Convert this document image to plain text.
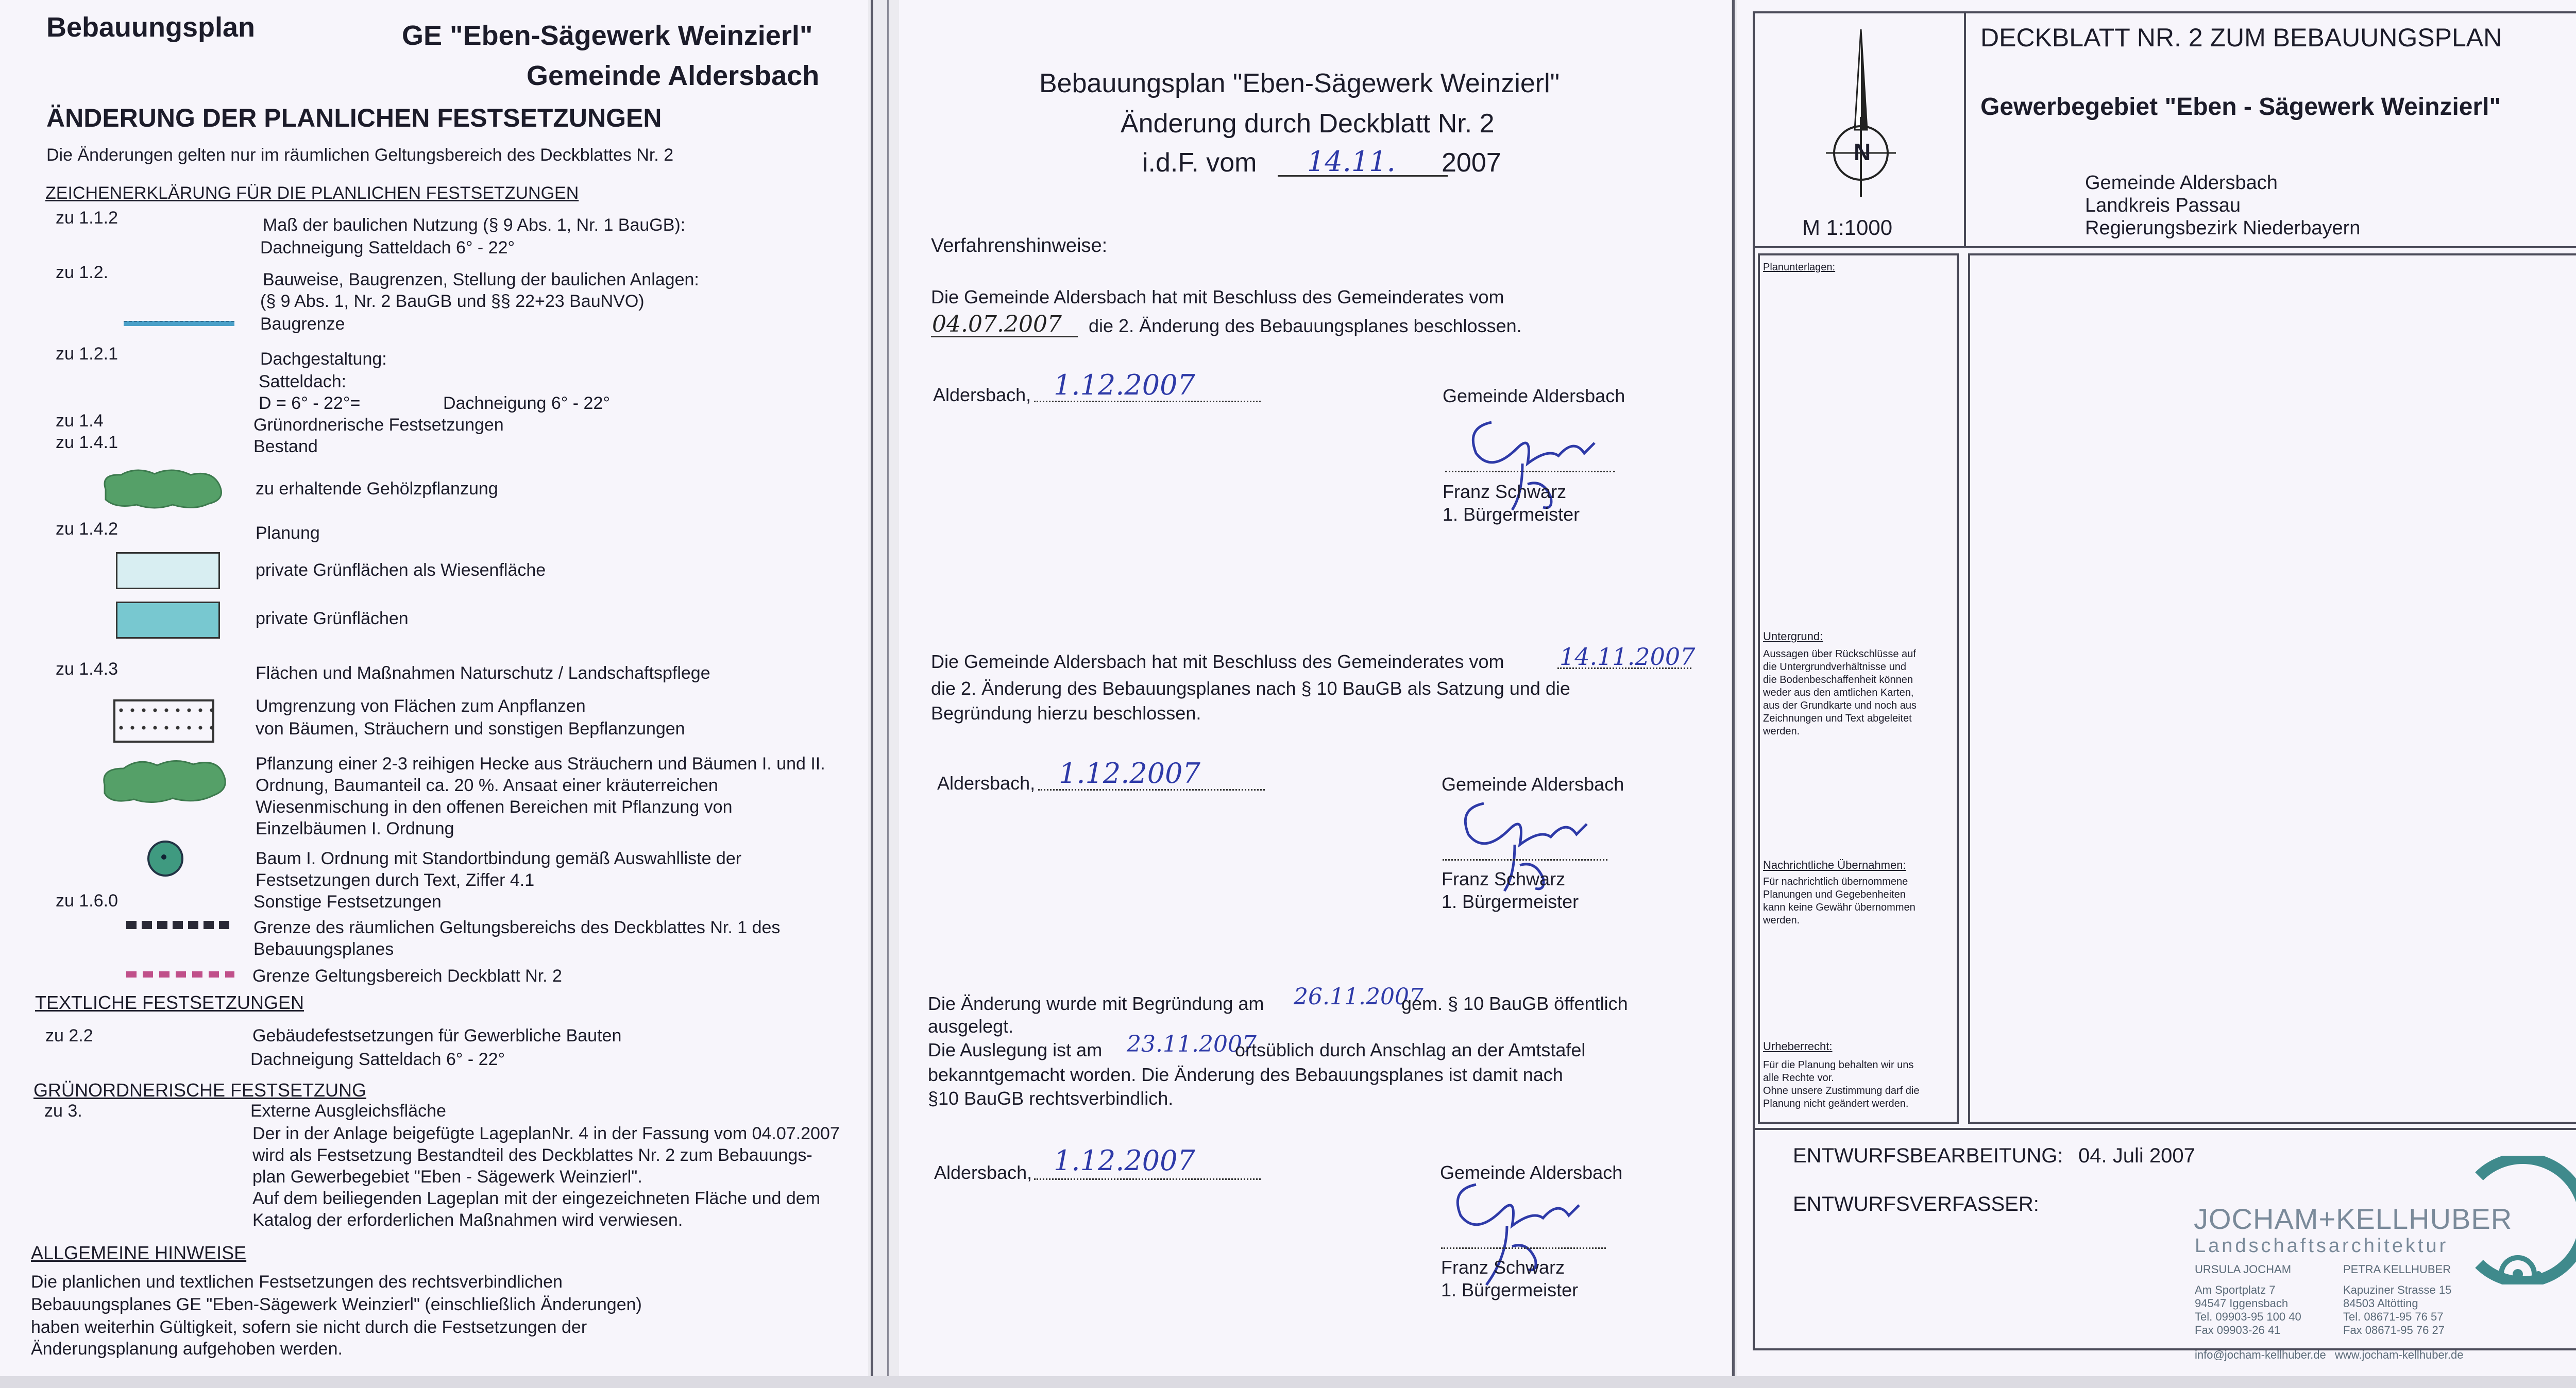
Bebauungsplan	GE "Eben-Sägewerk Weinzierl"
Gemeinde Aldersbach
ÄNDERUNG DER PLANLICHEN FESTSETZUNGEN
Die Änderungen gelten nur im räumlichen Geltungsbereich des Deckblattes Nr. 2
ZEICHENERKLÄRUNG FÜR DIE PLANLICHEN FESTSETZUNGEN
zu 1.1.2	Maß der baulichen Nutzung (§ 9 Abs. 1, Nr. 1 BauGB):
Dachneigung Satteldach 6° - 22°
zu 1.2.	Bauweise, Baugrenzen, Stellung der baulichen Anlagen:
(§ 9 Abs. 1, Nr. 2 BauGB und §§ 22+23 BauNVO)
Baugrenze
zu 1.2.1	Dachgestaltung:
Satteldach:
D = 6° - 22°=	Dachneigung 6° - 22°
zu 1.4	Grünordnerische Festsetzungen
zu 1.4.1	Bestand
zu erhaltende Gehölzpflanzung
zu 1.4.2	Planung
private Grünflächen als Wiesenfläche
private Grünflächen
zu 1.4.3	Flächen und Maßnahmen Naturschutz / Landschaftspflege
Umgrenzung von Flächen zum Anpflanzen
von Bäumen, Sträuchern und sonstigen Bepflanzungen
Pflanzung einer 2-3 reihigen Hecke aus Sträuchern und Bäumen I. und II.
Ordnung, Baumanteil ca. 20 %. Ansaat einer kräuterreichen
Wiesenmischung in den offenen Bereichen mit Pflanzung von
Einzelbäumen I. Ordnung
Baum I. Ordnung mit Standortbindung gemäß Auswahlliste der
Festsetzungen durch Text, Ziffer 4.1
zu 1.6.0	Sonstige Festsetzungen
Grenze des räumlichen Geltungsbereichs des Deckblattes Nr. 1 des
Bebauungsplanes
Grenze Geltungsbereich Deckblatt Nr. 2
TEXTLICHE FESTSETZUNGEN
zu 2.2	Gebäudefestsetzungen für Gewerbliche Bauten
Dachneigung Satteldach 6° - 22°
GRÜNORDNERISCHE FESTSETZUNG
zu 3.	Externe Ausgleichsfläche
Der in der Anlage beigefügte LageplanNr. 4 in der Fassung vom 04.07.2007
wird als Festsetzung Bestandteil des Deckblattes Nr. 2 zum Bebauungs-
plan Gewerbegebiet "Eben - Sägewerk Weinzierl".
Auf dem beiliegenden Lageplan mit der eingezeichneten Fläche und dem
Katalog der erforderlichen Maßnahmen wird verwiesen.
ALLGEMEINE HINWEISE
Die planlichen und textlichen Festsetzungen des rechtsverbindlichen
Bebauungsplanes GE "Eben-Sägewerk Weinzierl" (einschließlich Änderungen)
haben weiterhin Gültigkeit, sofern sie nicht durch die Festsetzungen der
Änderungsplanung aufgehoben werden.
Bebauungsplan "Eben-Sägewerk Weinzierl"
Änderung durch Deckblatt Nr. 2
i.d.F. vom 14.11. 2007
Verfahrenshinweise:
Die Gemeinde Aldersbach hat mit Beschluss des Gemeinderates vom
04.07.2007 die 2. Änderung des Bebauungsplanes beschlossen.
Aldersbach, 1.12.2007	Gemeinde Aldersbach
Franz Schwarz
1. Bürgermeister
Die Gemeinde Aldersbach hat mit Beschluss des Gemeinderates vom 14.11.2007
die 2. Änderung des Bebauungsplanes nach § 10 BauGB als Satzung und die
Begründung hierzu beschlossen.
Aldersbach, 1.12.2007	Gemeinde Aldersbach
Franz Schwarz
1. Bürgermeister
Die Änderung wurde mit Begründung am 26.11.2007
gem. § 10 BauGB öffentlich
ausgelegt.
Die Auslegung ist am 23.11.2007
ortsüblich durch Anschlag an der Amtstafel
bekanntgemacht worden. Die Änderung des Bebauungsplanes ist damit nach
§10 BauGB rechtsverbindlich.
Aldersbach, 1.12.2007	Gemeinde Aldersbach
Franz Schwarz
1. Bürgermeister
N
M 1:1000
DECKBLATT NR. 2 ZUM BEBAUUNGSPLAN
Gewerbegebiet "Eben - Sägewerk Weinzierl"
Gemeinde Aldersbach
Landkreis Passau
Regierungsbezirk Niederbayern
Planunterlagen:
Untergrund:
Aussagen über Rückschlüsse auf
die Untergrundverhältnisse und
die Bodenbeschaffenheit können
weder aus den amtlichen Karten,
aus der Grundkarte und noch aus
Zeichnungen und Text abgeleitet
werden.
Nachrichtliche Übernahmen:
Für nachrichtlich übernommene
Planungen und Gegebenheiten
kann keine Gewähr übernommen
werden.
Urheberrecht:
Für die Planung behalten wir uns
alle Rechte vor.
Ohne unsere Zustimmung darf die
Planung nicht geändert werden.
ENTWURFSBEARBEITUNG: 04. Juli 2007
ENTWURFSVERFASSER:	JOCHAM+KELLHUBER
Landschaftsarchitektur
URSULA JOCHAM
Am Sportplatz 7
94547 Iggensbach
Tel. 09903-95 100 40
Fax 09903-26 41
PETRA KELLHUBER
Kapuziner Strasse 15
84503 Altötting
Tel. 08671-95 76 57
Fax 08671-95 76 27
info@jocham-kellhuber.de www.jocham-kellhuber.de
